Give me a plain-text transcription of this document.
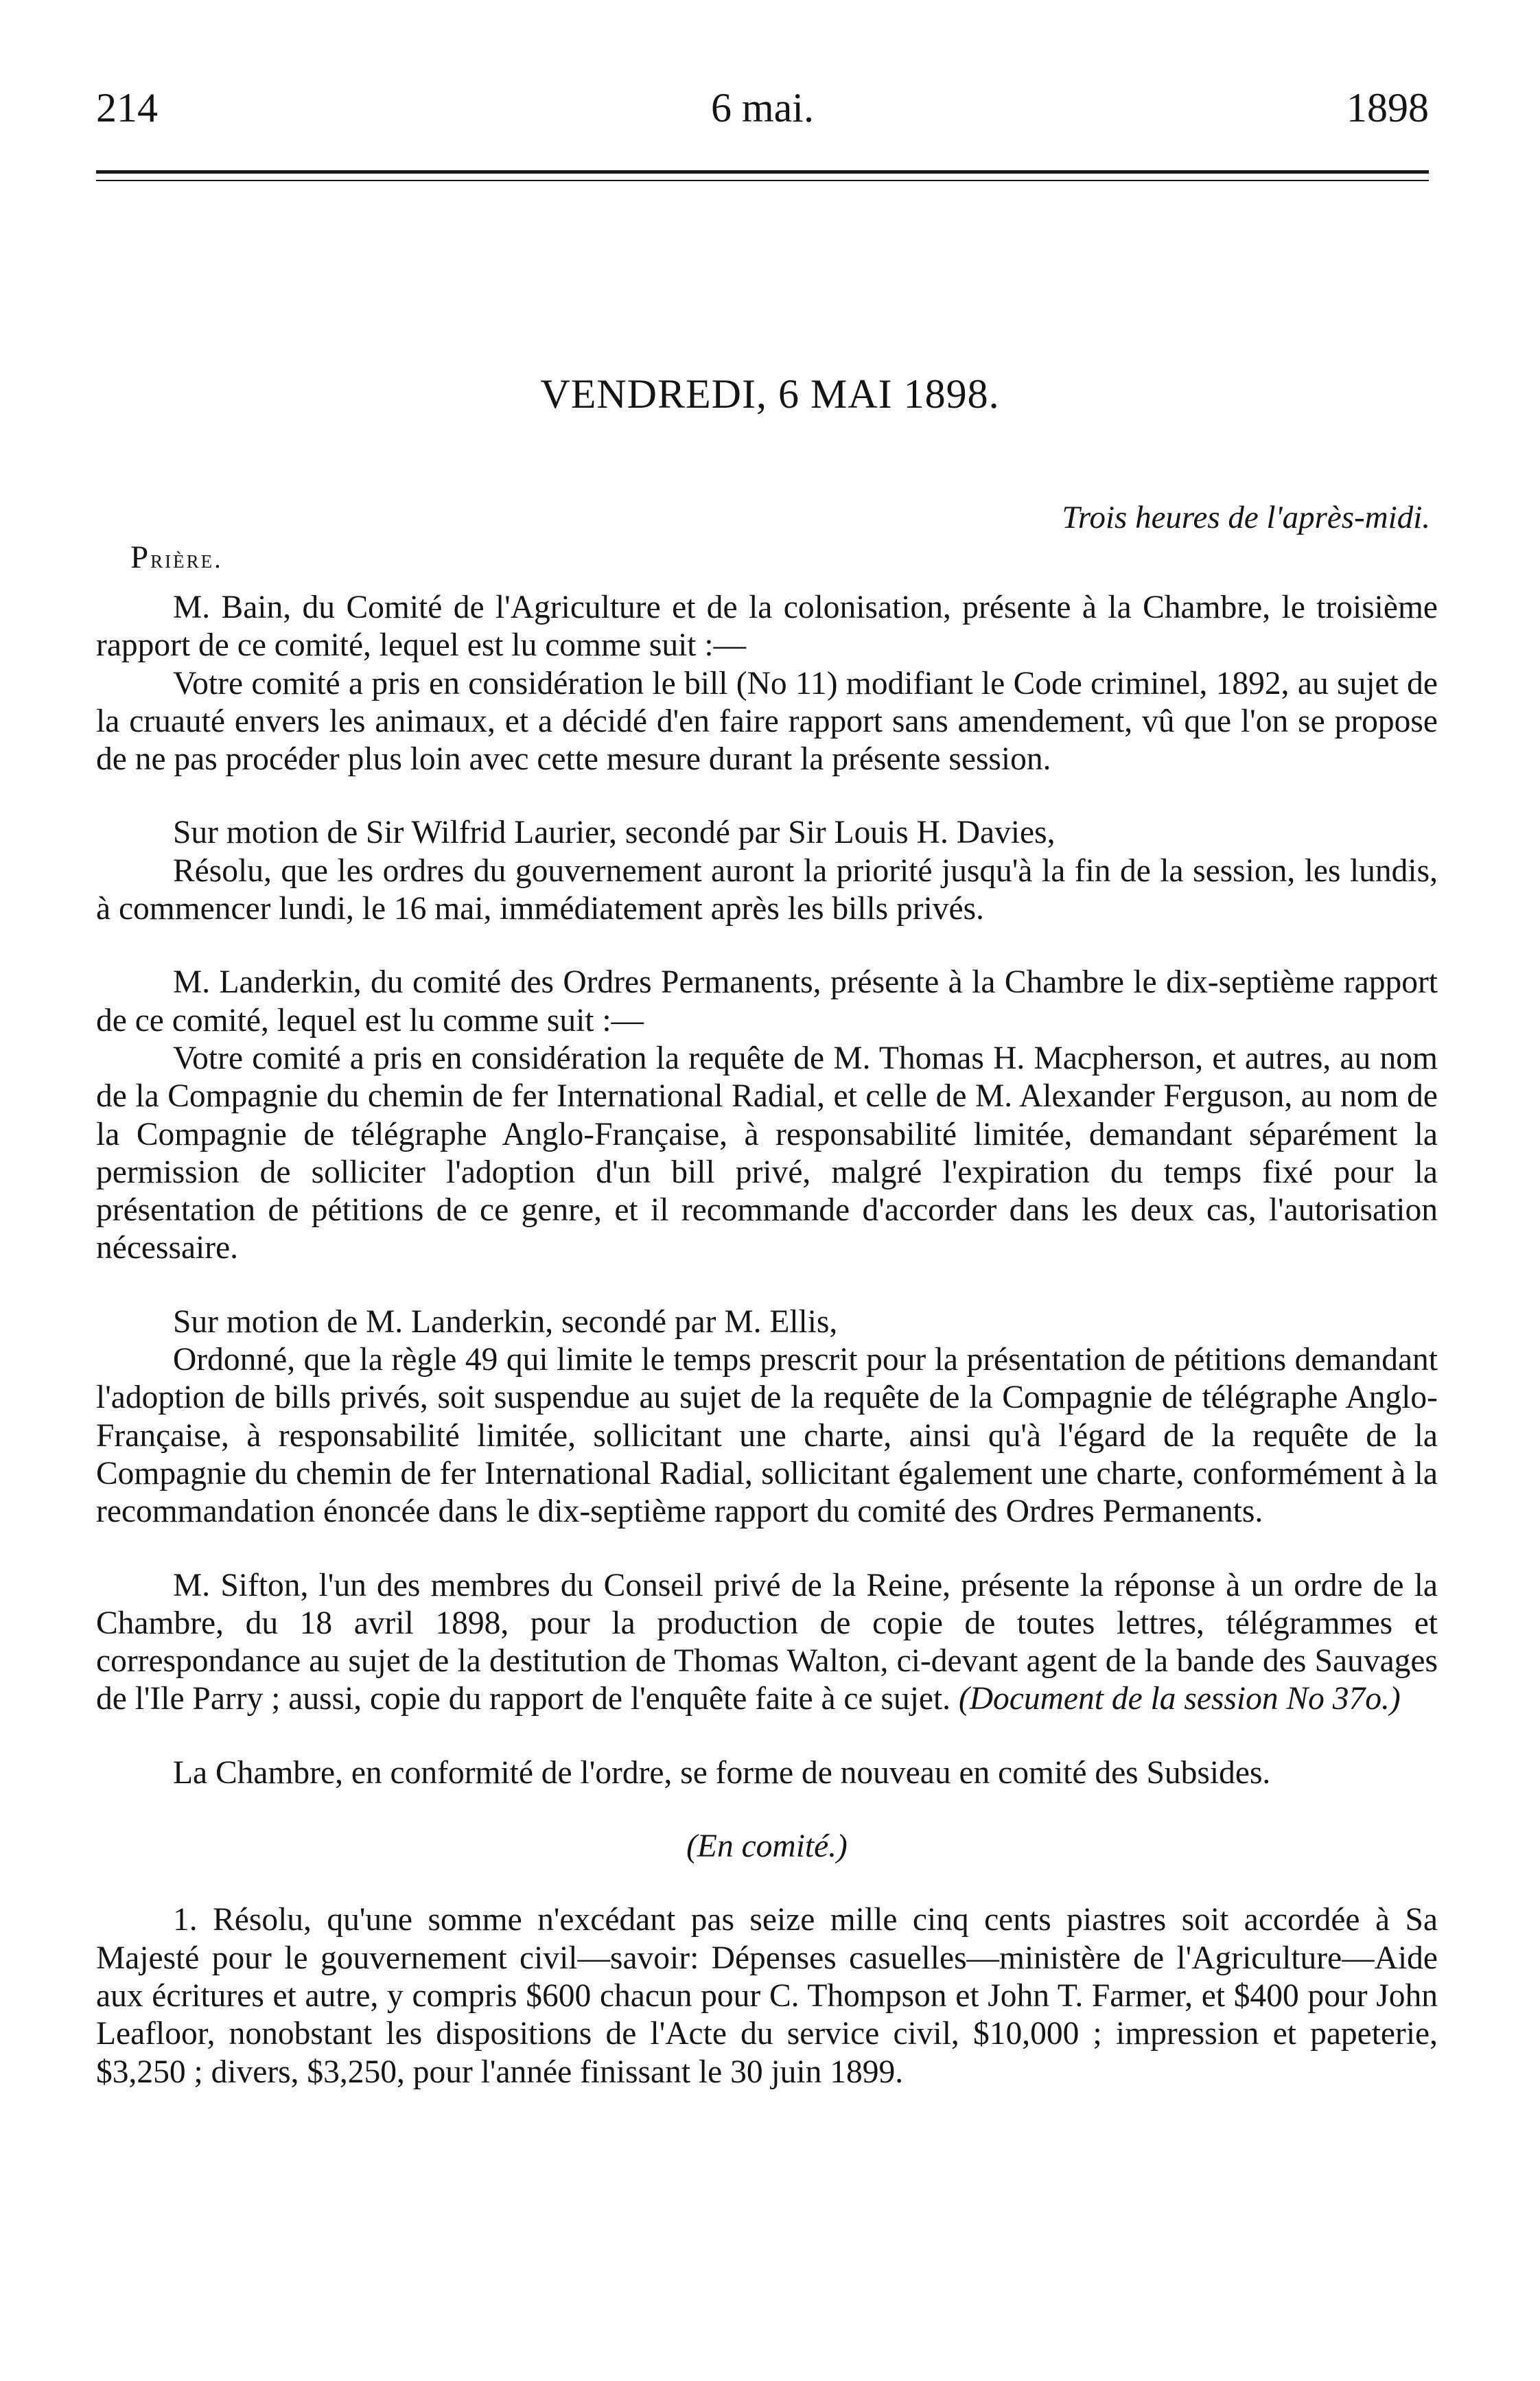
214	6 mai.	1898
VENDREDI, 6 MAI 1898.
Trois heures de l'après-midi.
Prière.

M. Bain, du Comité de l'Agriculture et de la colonisation, présente à la Chambre, le troisième rapport de ce comité, lequel est lu comme suit :—

Votre comité a pris en considération le bill (No 11) modifiant le Code criminel, 1892, au sujet de la cruauté envers les animaux, et a décidé d'en faire rapport sans amendement, vû que l'on se propose de ne pas procéder plus loin avec cette mesure durant la présente session.

Sur motion de Sir Wilfrid Laurier, secondé par Sir Louis H. Davies,

Résolu, que les ordres du gouvernement auront la priorité jusqu'à la fin de la session, les lundis, à commencer lundi, le 16 mai, immédiatement après les bills privés.

M. Landerkin, du comité des Ordres Permanents, présente à la Chambre le dix-septième rapport de ce comité, lequel est lu comme suit :—

Votre comité a pris en considération la requête de M. Thomas H. Macpherson, et autres, au nom de la Compagnie du chemin de fer International Radial, et celle de M. Alexander Ferguson, au nom de la Compagnie de télégraphe Anglo-Française, à responsabilité limitée, demandant séparément la permission de solliciter l'adoption d'un bill privé, malgré l'expiration du temps fixé pour la présentation de pétitions de ce genre, et il recommande d'accorder dans les deux cas, l'autorisation nécessaire.

Sur motion de M. Landerkin, secondé par M. Ellis,

Ordonné, que la règle 49 qui limite le temps prescrit pour la présentation de pétitions demandant l'adoption de bills privés, soit suspendue au sujet de la requête de la Compagnie de télégraphe Anglo-Française, à responsabilité limitée, sollicitant une charte, ainsi qu'à l'égard de la requête de la Compagnie du chemin de fer International Radial, sollicitant également une charte, conformément à la recommandation énoncée dans le dix-septième rapport du comité des Ordres Permanents.

M. Sifton, l'un des membres du Conseil privé de la Reine, présente la réponse à un ordre de la Chambre, du 18 avril 1898, pour la production de copie de toutes lettres, télégrammes et correspondance au sujet de la destitution de Thomas Walton, ci-devant agent de la bande des Sauvages de l'Ile Parry ; aussi, copie du rapport de l'enquête faite à ce sujet. (Document de la session No 37o.)

La Chambre, en conformité de l'ordre, se forme de nouveau en comité des Subsides.

(En comité.)

1. Résolu, qu'une somme n'excédant pas seize mille cinq cents piastres soit accordée à Sa Majesté pour le gouvernement civil—savoir: Dépenses casuelles—ministère de l'Agriculture—Aide aux écritures et autre, y compris $600 chacun pour C. Thompson et John T. Farmer, et $400 pour John Leafloor, nonobstant les dispositions de l'Acte du service civil, $10,000 ; impression et papeterie, $3,250 ; divers, $3,250, pour l'année finissant le 30 juin 1899.
